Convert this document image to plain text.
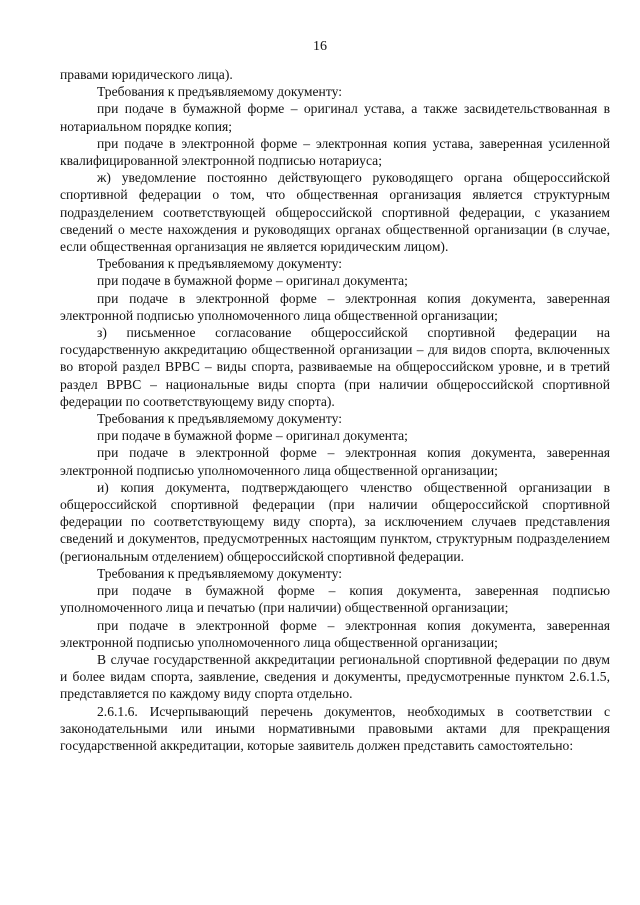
16

правами юридического лица).

Требования к предъявляемому документу:

при подаче в бумажной форме – оригинал устава, а также засвидетельствованная в нотариальном порядке копия;

при подаче в электронной форме – электронная копия устава, заверенная усиленной квалифицированной электронной подписью нотариуса;

ж) уведомление постоянно действующего руководящего органа общероссийской спортивной федерации о том, что общественная организация является структурным подразделением соответствующей общероссийской спортивной федерации, с указанием сведений о месте нахождения и руководящих органах общественной организации (в случае, если общественная организация не является юридическим лицом).

Требования к предъявляемому документу:

при подаче в бумажной форме – оригинал документа;

при подаче в электронной форме – электронная копия документа, заверенная электронной подписью уполномоченного лица общественной организации;

з) письменное согласование общероссийской спортивной федерации на государственную аккредитацию общественной организации – для видов спорта, включенных во второй раздел ВРВС – виды спорта, развиваемые на общероссийском уровне, и в третий раздел ВРВС – национальные виды спорта (при наличии общероссийской спортивной федерации по соответствующему виду спорта).

Требования к предъявляемому документу:

при подаче в бумажной форме – оригинал документа;

при подаче в электронной форме – электронная копия документа, заверенная электронной подписью уполномоченного лица общественной организации;

и) копия документа, подтверждающего членство общественной организации в общероссийской спортивной федерации (при наличии общероссийской спортивной федерации по соответствующему виду спорта), за исключением случаев представления сведений и документов, предусмотренных настоящим пунктом, структурным подразделением (региональным отделением) общероссийской спортивной федерации.

Требования к предъявляемому документу:

при подаче в бумажной форме – копия документа, заверенная подписью уполномоченного лица и печатью (при наличии) общественной организации;

при подаче в электронной форме – электронная копия документа, заверенная электронной подписью уполномоченного лица общественной организации;

В случае государственной аккредитации региональной спортивной федерации по двум и более видам спорта, заявление, сведения и документы, предусмотренные пунктом 2.6.1.5, представляется по каждому виду спорта отдельно.

2.6.1.6. Исчерпывающий перечень документов, необходимых в соответствии с законодательными или иными нормативными правовыми актами для прекращения государственной аккредитации, которые заявитель должен представить самостоятельно:
